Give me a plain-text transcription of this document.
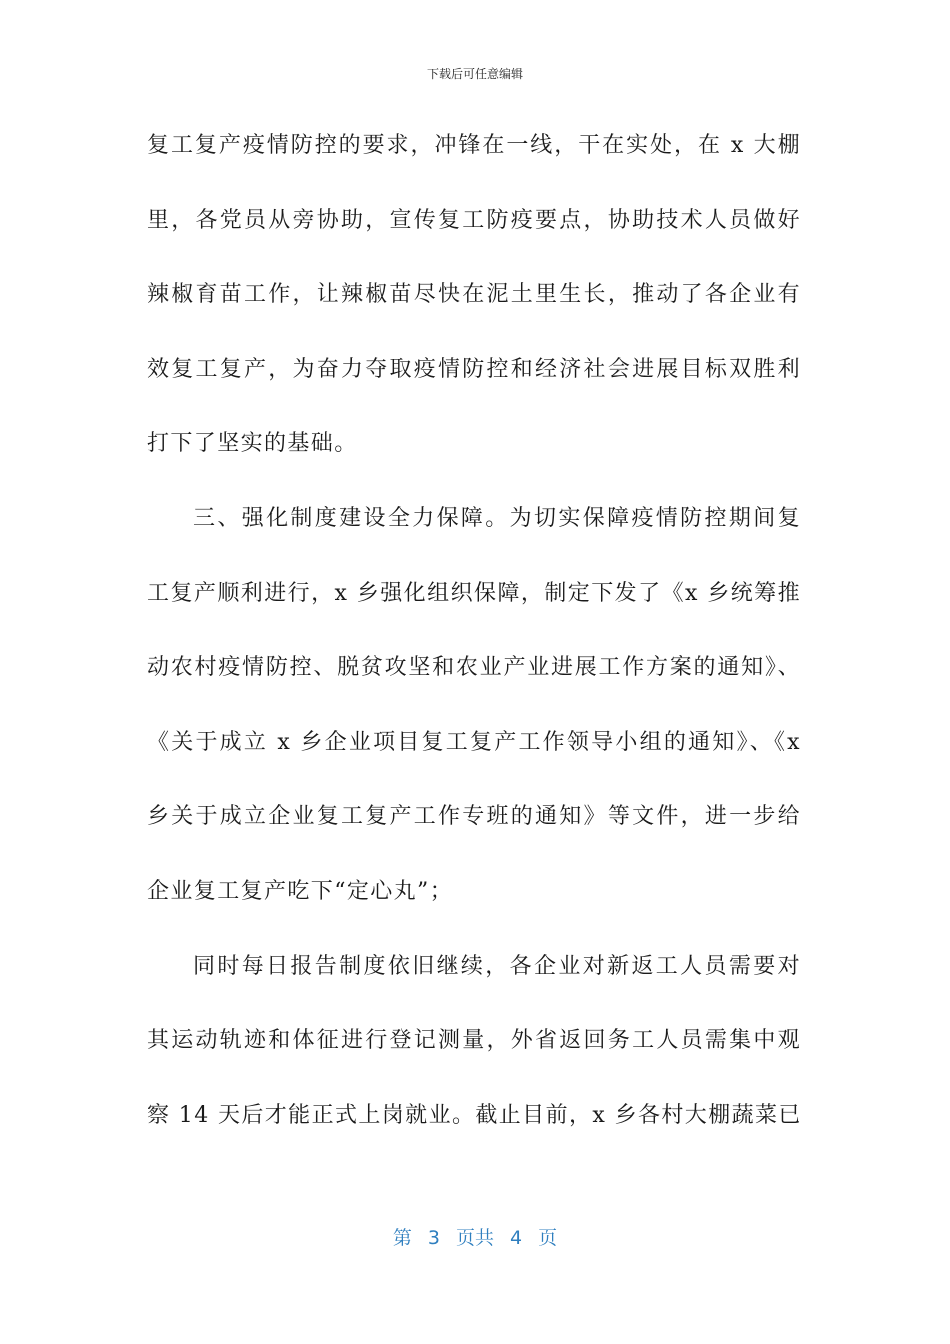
下载后可任意编辑
复工复产疫情防控的要求，冲锋在一线，干在实处，在 x 大棚
里，各党员从旁协助，宣传复工防疫要点，协助技术人员做好
辣椒育苗工作，让辣椒苗尽快在泥土里生长，推动了各企业有
效复工复产，为奋力夺取疫情防控和经济社会进展目标双胜利
打下了坚实的基础。
三、强化制度建设全力保障。为切实保障疫情防控期间复
工复产顺利进行，x 乡强化组织保障，制定下发了《x 乡统筹推
动农村疫情防控、脱贫攻坚和农业产业进展工作方案的通知》、
《关于成立 x 乡企业项目复工复产工作领导小组的通知》、《x
乡关于成立企业复工复产工作专班的通知》等文件，进一步给
企业复工复产吃下“定心丸”；
同时每日报告制度依旧继续，各企业对新返工人员需要对
其运动轨迹和体征进行登记测量，外省返回务工人员需集中观
察 14 天后才能正式上岗就业。截止目前，x 乡各村大棚蔬菜已
第 3 页共 4 页
